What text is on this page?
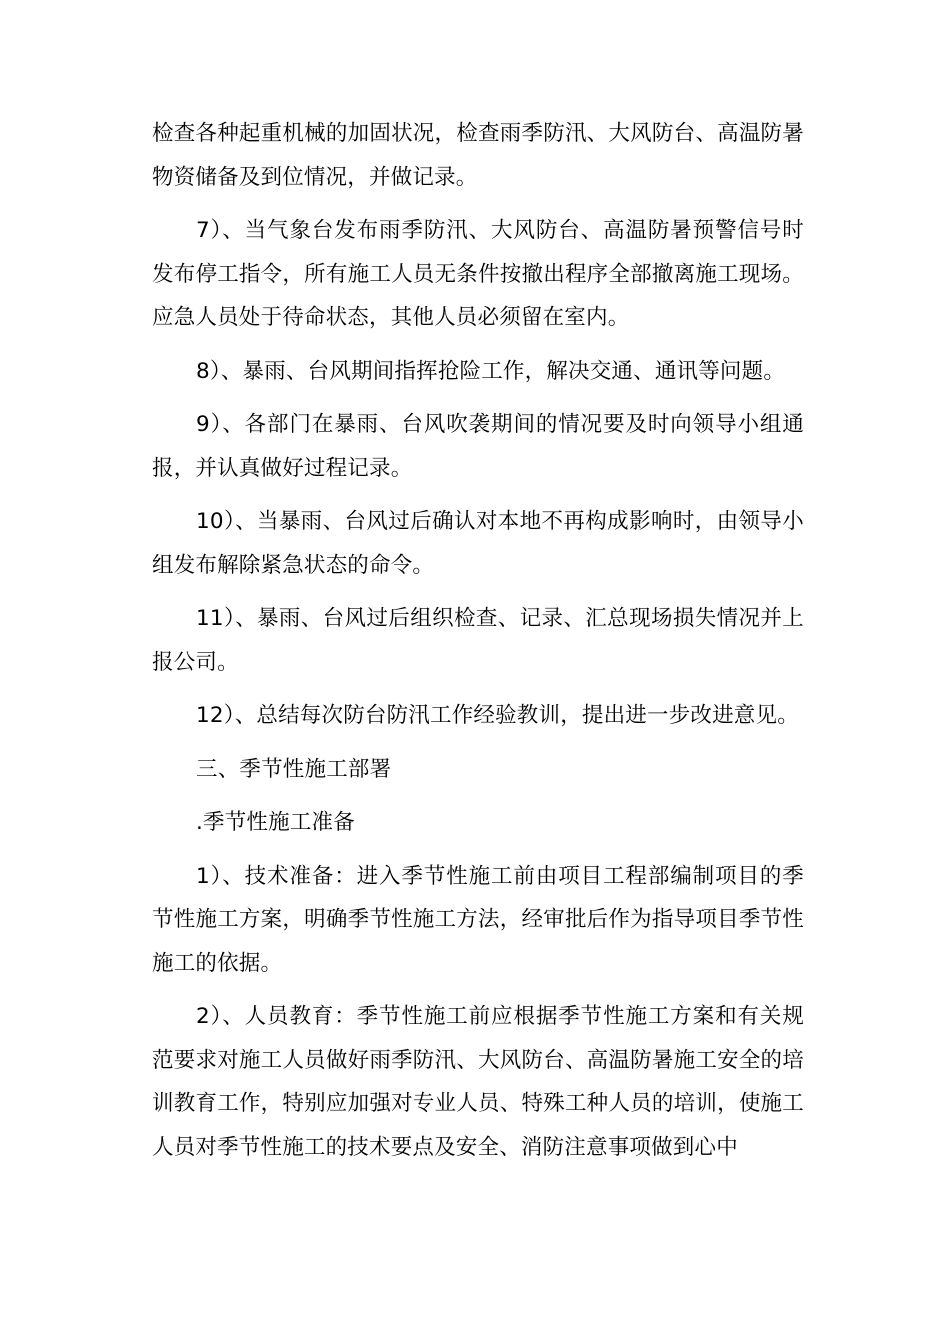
检查各种起重机械的加固状况，检查雨季防汛、大风防台、高温防暑物资储备及到位情况，并做记录。

7）、当气象台发布雨季防汛、大风防台、高温防暑预警信号时发布停工指令，所有施工人员无条件按撤出程序全部撤离施工现场。应急人员处于待命状态，其他人员必须留在室内。

8）、暴雨、台风期间指挥抢险工作，解决交通、通讯等问题。

9）、各部门在暴雨、台风吹袭期间的情况要及时向领导小组通报，并认真做好过程记录。

10）、当暴雨、台风过后确认对本地不再构成影响时，由领导小组发布解除紧急状态的命令。

11）、暴雨、台风过后组织检查、记录、汇总现场损失情况并上报公司。

12）、总结每次防台防汛工作经验教训，提出进一步改进意见。

三、季节性施工部署

.季节性施工准备

1）、技术准备：进入季节性施工前由项目工程部编制项目的季节性施工方案，明确季节性施工方法，经审批后作为指导项目季节性施工的依据。

2）、人员教育：季节性施工前应根据季节性施工方案和有关规范要求对施工人员做好雨季防汛、大风防台、高温防暑施工安全的培训教育工作，特别应加强对专业人员、特殊工种人员的培训，使施工人员对季节性施工的技术要点及安全、消防注意事项做到心中
